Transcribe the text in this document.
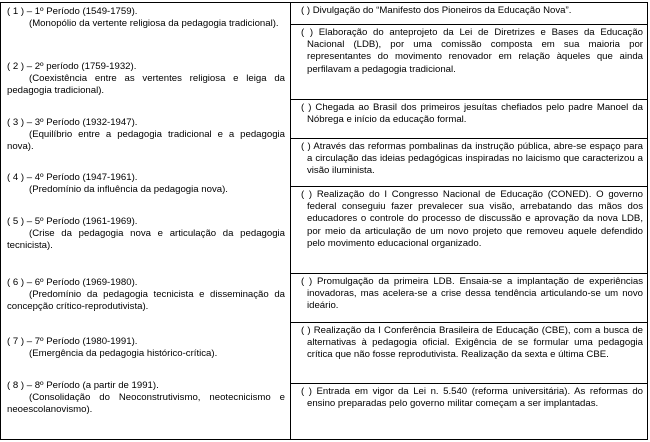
( 1 ) – 1º Período (1549-1759).
(Monopólio da vertente religiosa da pedagogia tradicional).
( 2 ) – 2º período (1759-1932).
(Coexistência entre as vertentes religiosa e leiga da pedagogia tradicional).
( 3 ) – 3º Período (1932-1947).
(Equilíbrio entre a pedagogia tradicional e a pedagogia nova).
( 4 ) – 4º Período (1947-1961).
(Predomínio da influência da pedagogia nova).
( 5 ) – 5º Período (1961-1969).
(Crise da pedagogia nova e articulação da pedagogia tecnicista).
( 6 ) – 6º Período (1969-1980).
(Predomínio da pedagogia tecnicista e disseminação da concepção crítico-reprodutivista).
( 7 ) – 7º Período (1980-1991).
(Emergência da pedagogia histórico-crítica).
( 8 ) – 8º Período (a partir de 1991).
(Consolidação do Neoconstrutivismo, neotecnicismo e neoescolanovismo).

( ) Divulgação do “Manifesto dos Pioneiros da Educação Nova”.

( ) Elaboração do anteprojeto da Lei de Diretrizes e Bases da Educação Nacional (LDB), por uma comissão composta em sua maioria por representantes do movimento renovador em relação àqueles que ainda perfilavam a pedagogia tradicional.

( ) Chegada ao Brasil dos primeiros jesuítas chefiados pelo padre Manoel da Nóbrega e início da educação formal.

( ) Através das reformas pombalinas da instrução pública, abre-se espaço para a circulação das ideias pedagógicas inspiradas no laicismo que caracterizou a visão iluminista.

( ) Realização do I Congresso Nacional de Educação (CONED). O governo federal conseguiu fazer prevalecer sua visão, arrebatando das mãos dos educadores o controle do processo de discussão e aprovação da nova LDB, por meio da articulação de um novo projeto que removeu aquele defendido pelo movimento educacional organizado.

( ) Promulgação da primeira LDB. Ensaia-se a implantação de experiências inovadoras, mas acelera-se a crise dessa tendência articulando-se um novo ideário.

( ) Realização da I Conferência Brasileira de Educação (CBE), com a busca de alternativas à pedagogia oficial. Exigência de se formular uma pedagogia crítica que não fosse reprodutivista. Realização da sexta e última CBE.

( ) Entrada em vigor da Lei n. 5.540 (reforma universitária). As reformas do ensino preparadas pelo governo militar começam a ser implantadas.
